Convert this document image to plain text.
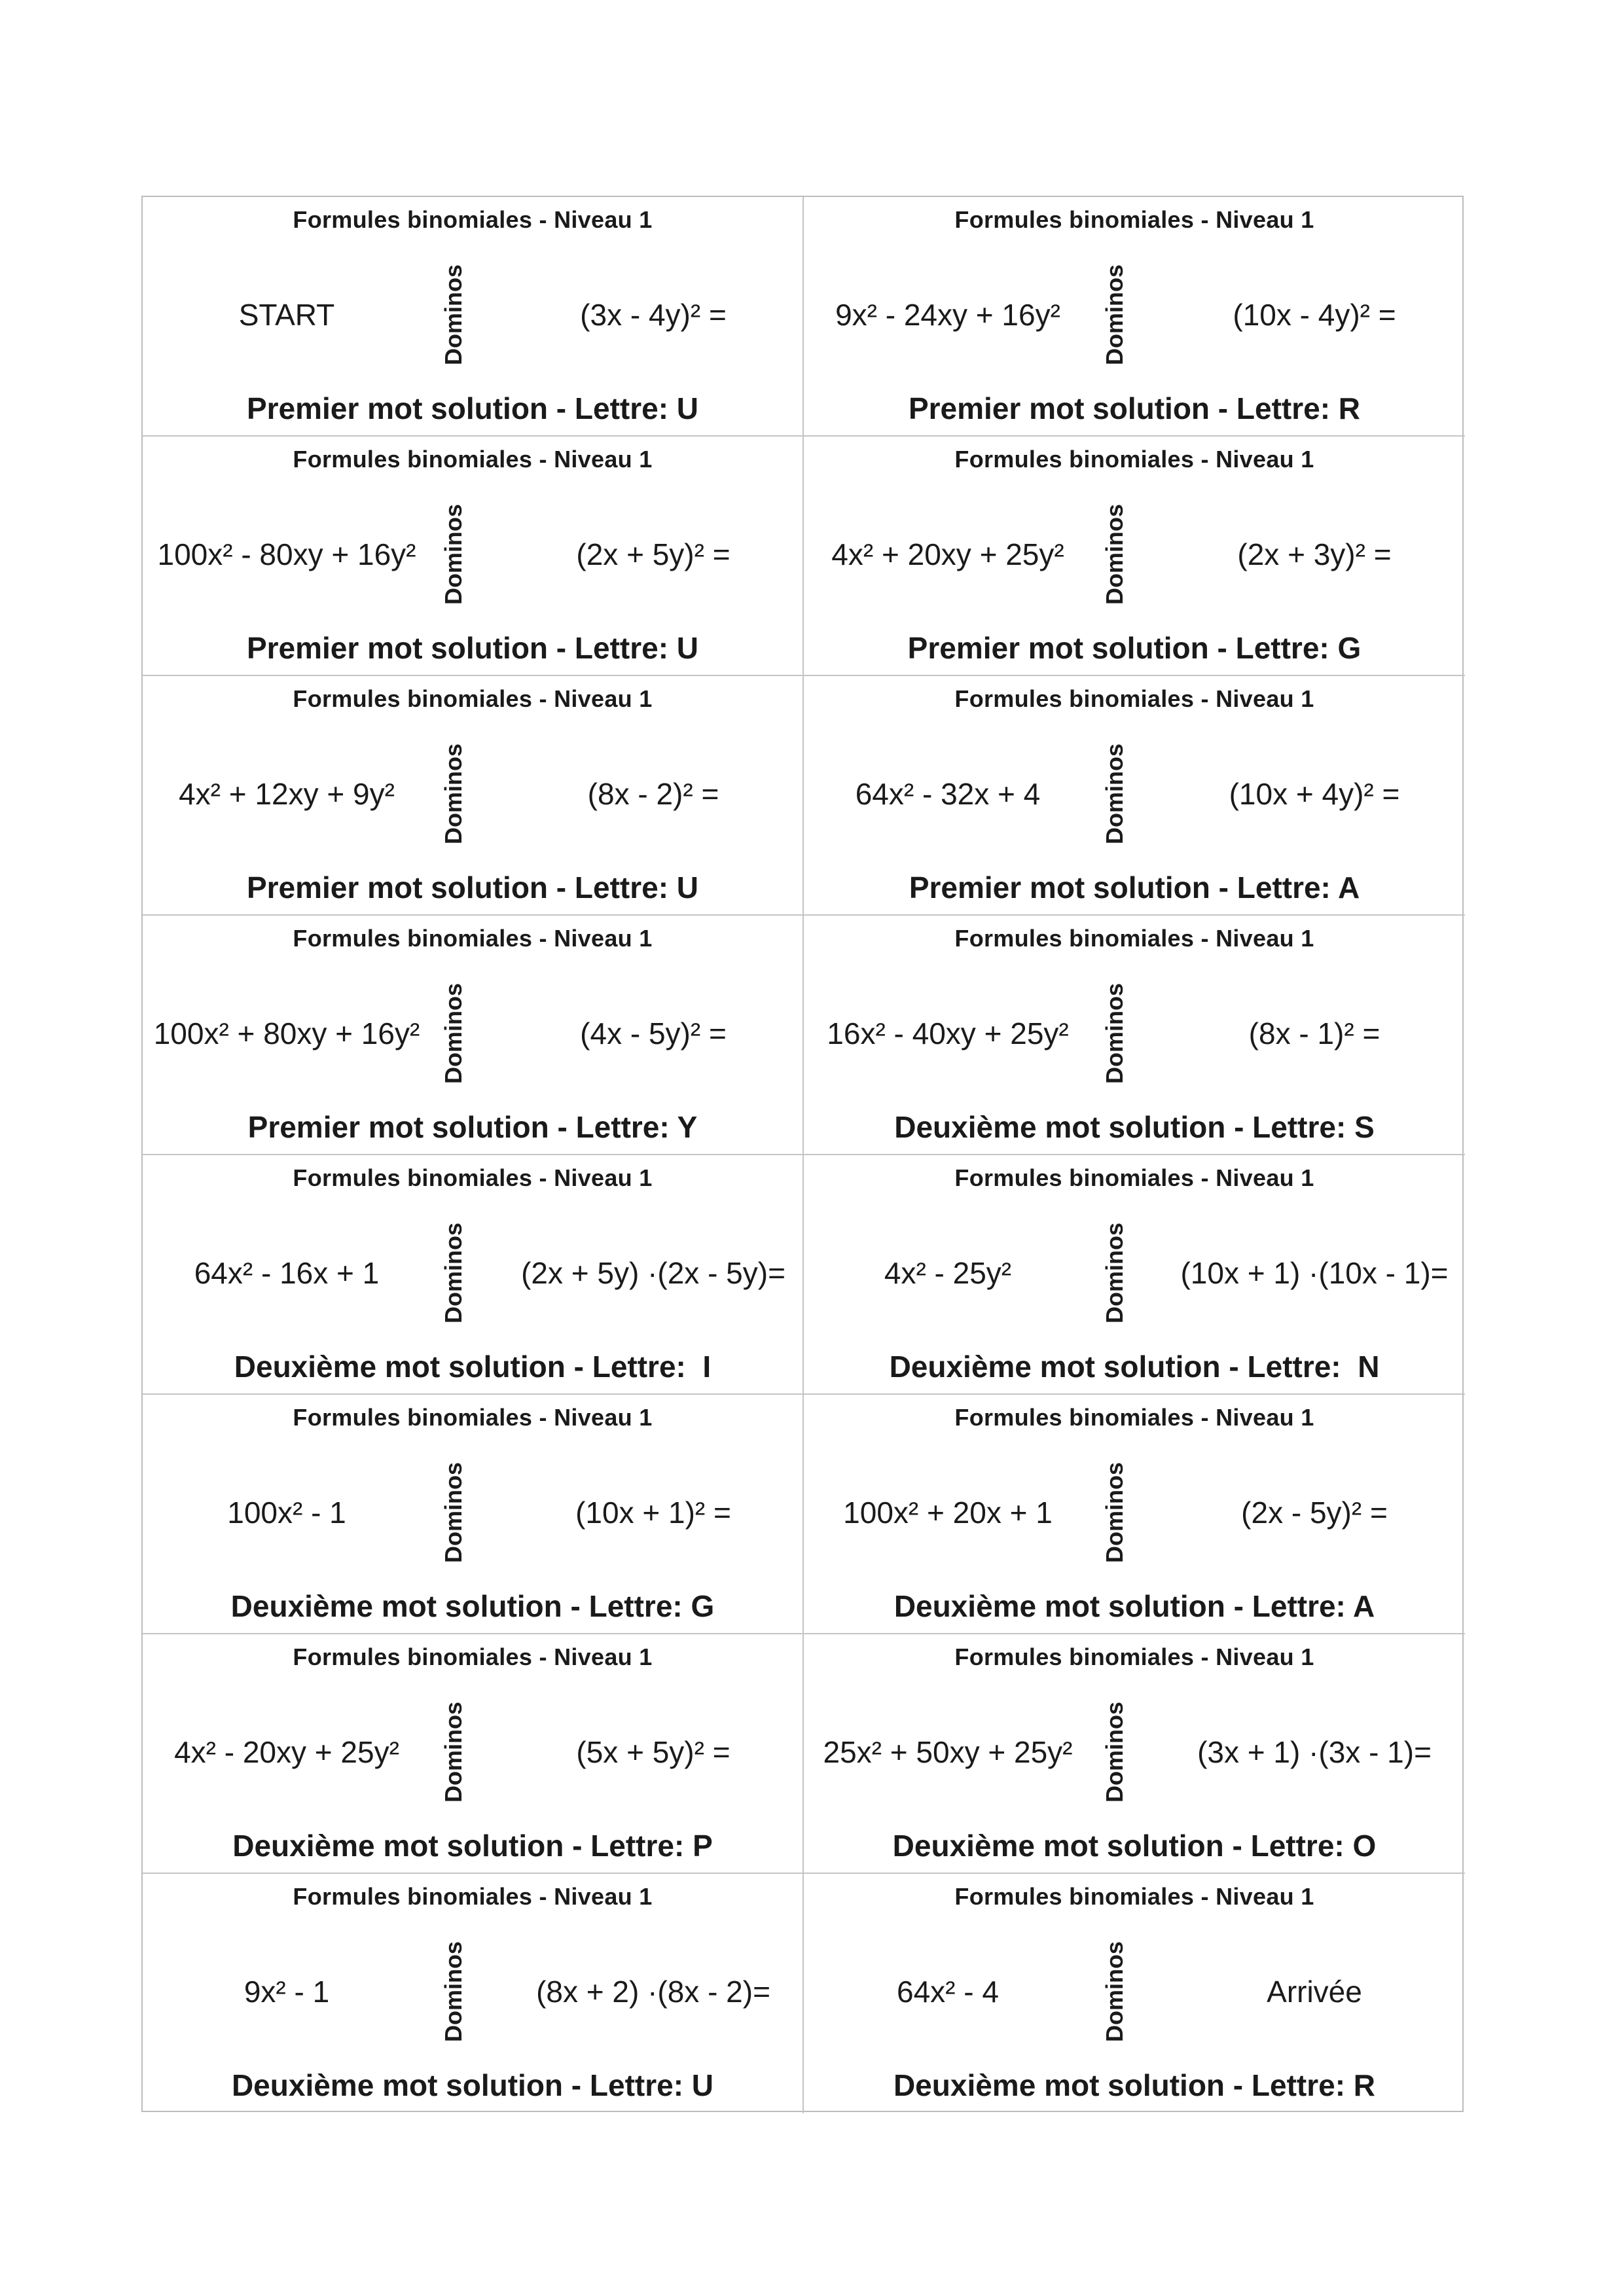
Formules binomiales - Niveau 1
START	Dominos	(3x - 4y)² =
Premier mot solution - Lettre: U
Formules binomiales - Niveau 1
9x² - 24xy + 16y²	Dominos	(10x - 4y)² =
Premier mot solution - Lettre: R
Formules binomiales - Niveau 1
100x² - 80xy + 16y²	Dominos	(2x + 5y)² =
Premier mot solution - Lettre: U
Formules binomiales - Niveau 1
4x² + 20xy + 25y²	Dominos	(2x + 3y)² =
Premier mot solution - Lettre: G
Formules binomiales - Niveau 1
4x² + 12xy + 9y²	Dominos	(8x - 2)² =
Premier mot solution - Lettre: U
Formules binomiales - Niveau 1
64x² - 32x + 4	Dominos	(10x + 4y)² =
Premier mot solution - Lettre: A
Formules binomiales - Niveau 1
100x² + 80xy + 16y² Dominos	(4x - 5y)² =
Premier mot solution - Lettre: Y
Formules binomiales - Niveau 1
16x² - 40xy + 25y²	Dominos	(8x - 1)² =
Deuxième mot solution - Lettre: S
Formules binomiales - Niveau 1
64x² - 16x + 1	Dominos	(2x + 5y) ·(2x - 5y)=
Deuxième mot solution - Lettre:  I
Formules binomiales - Niveau 1
4x² - 25y²	Dominos	(10x + 1) ·(10x - 1)=
Deuxième mot solution - Lettre:  N
Formules binomiales - Niveau 1
100x² - 1	Dominos	(10x + 1)² =
Deuxième mot solution - Lettre: G
Formules binomiales - Niveau 1
100x² + 20x + 1	Dominos	(2x - 5y)² =
Deuxième mot solution - Lettre: A
Formules binomiales - Niveau 1
4x² - 20xy + 25y²	Dominos	(5x + 5y)² =
Deuxième mot solution - Lettre: P
Formules binomiales - Niveau 1
25x² + 50xy + 25y²	Dominos	(3x + 1) ·(3x - 1)=
Deuxième mot solution - Lettre: O
Formules binomiales - Niveau 1
9x² - 1	Dominos	(8x + 2) ·(8x - 2)=
Deuxième mot solution - Lettre: U
Formules binomiales - Niveau 1
64x² - 4	Dominos	Arrivée
Deuxième mot solution - Lettre: R
